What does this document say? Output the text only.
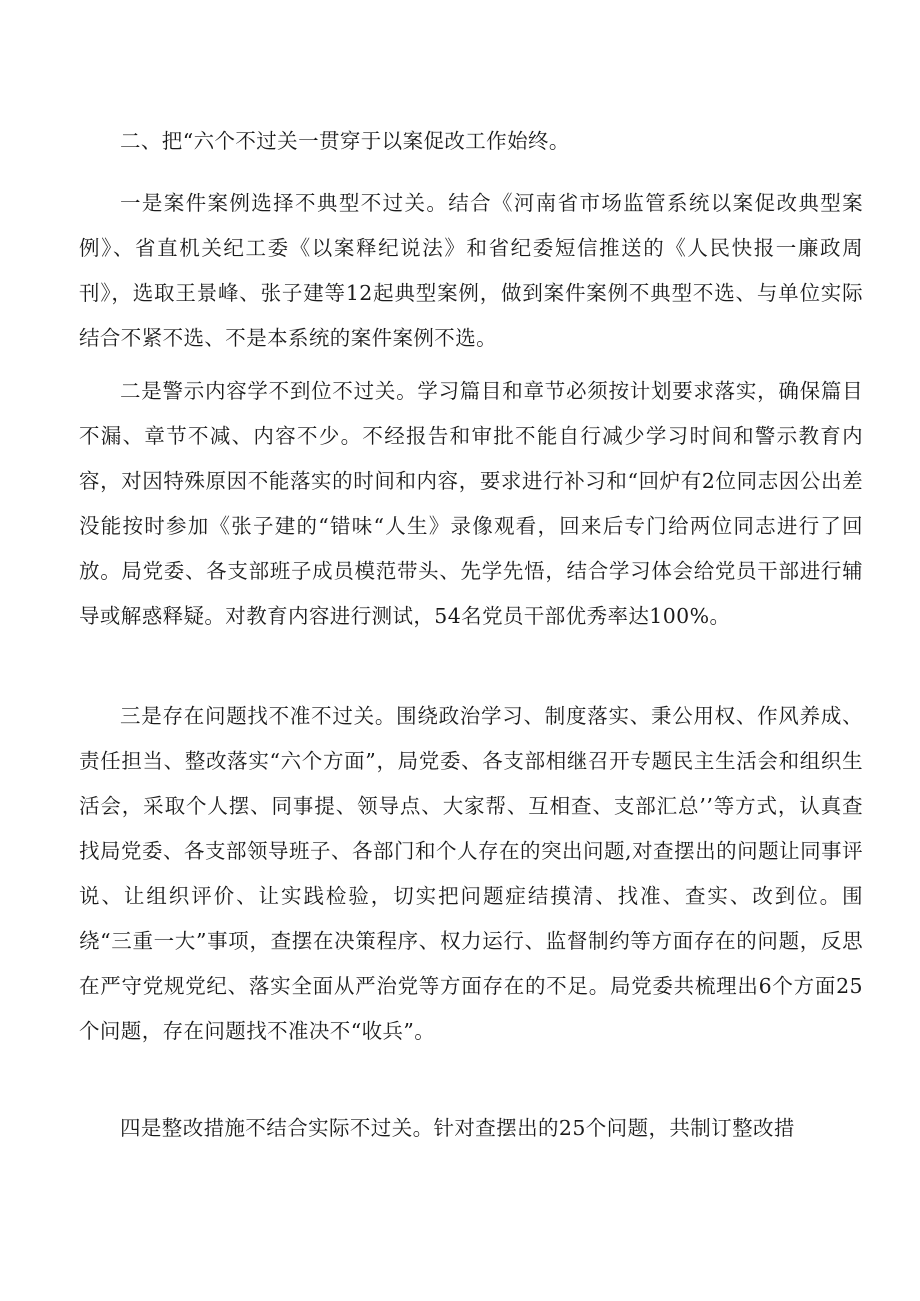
二、把“六个不过关一贯穿于以案促改工作始终。

一是案件案例选择不典型不过关。结合《河南省市场监管系统以案促改典型案例》、省直机关纪工委《以案释纪说法》和省纪委短信推送的《人民快报一廉政周刊》，选取王景峰、张子建等12起典型案例，做到案件案例不典型不选、与单位实际结合不紧不选、不是本系统的案件案例不选。

二是警示内容学不到位不过关。学习篇目和章节必须按计划要求落实，确保篇目不漏、章节不减、内容不少。不经报告和审批不能自行减少学习时间和警示教育内容，对因特殊原因不能落实的时间和内容，要求进行补习和“回炉有2位同志因公出差没能按时参加《张子建的“错味“人生》录像观看，回来后专门给两位同志进行了回放。局党委、各支部班子成员模范带头、先学先悟，结合学习体会给党员干部进行辅导或解惑释疑。对教育内容进行测试，54名党员干部优秀率达100%。

三是存在问题找不准不过关。围绕政治学习、制度落实、秉公用权、作风养成、责任担当、整改落实“六个方面”，局党委、各支部相继召开专题民主生活会和组织生活会，采取个人摆、同事提、领导点、大家帮、互相查、支部汇总’’等方式，认真查找局党委、各支部领导班子、各部门和个人存在的突出问题,对查摆出的问题让同事评说、让组织评价、让实践检验，切实把问题症结摸清、找准、查实、改到位。围绕“三重一大”事项，查摆在决策程序、权力运行、监督制约等方面存在的问题，反思在严守党规党纪、落实全面从严治党等方面存在的不足。局党委共梳理出6个方面25个问题，存在问题找不准决不“收兵”。

四是整改措施不结合实际不过关。针对查摆出的25个问题，共制订整改措
